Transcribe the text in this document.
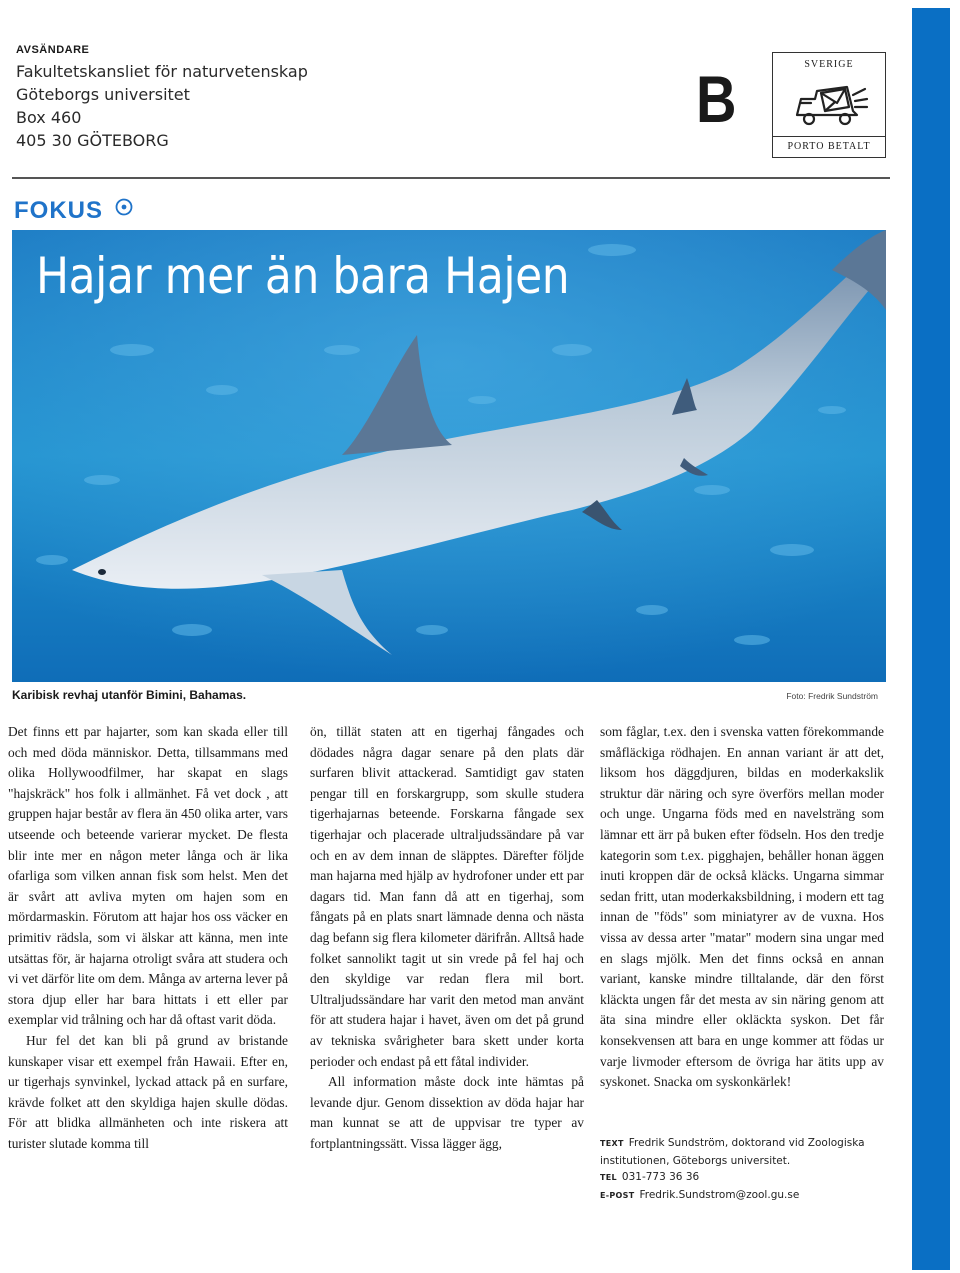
AVSÄNDARE
Fakultetskansliet för naturvetenskap
Göteborgs universitet
Box 460
405 30 GÖTEBORG
B	SVERIGE
PORTO BETALT
FOKUS
Hajar mer än bara Hajen
Karibisk revhaj utanför Bimini, Bahamas.	Foto: Fredrik Sundström

Det finns ett par hajarter, som kan skada eller till och med döda människor. Detta, tillsammans med olika Hollywoodfilmer, har skapat en slags "hajskräck" hos folk i allmänhet. Få vet dock , att gruppen hajar består av flera än 450 olika arter, vars utseende och beteende varierar mycket. De flesta blir inte mer en någon meter långa och är lika ofarliga som vilken annan fisk som helst. Men det är svårt att avliva myten om hajen som en mördarmaskin. Förutom att hajar hos oss väcker en primitiv rädsla, som vi älskar att känna, men inte utsättas för, är hajarna otroligt svåra att studera och vi vet därför lite om dem. Många av arterna lever på stora djup eller har bara hittats i ett eller par exemplar vid trålning och har då oftast varit döda.

Hur fel det kan bli på grund av bristande kunskaper visar ett exempel från Hawaii. Efter en, ur tigerhajs synvinkel, lyckad attack på en surfare, krävde folket att den skyldiga hajen skulle dödas. För att blidka allmänheten och inte riskera att turister slutade komma till

ön, tillät staten att en tigerhaj fångades och dödades några dagar senare på den plats där surfaren blivit attackerad. Samtidigt gav staten pengar till en forskargrupp, som skulle studera tigerhajarnas beteende. Forskarna fångade sex tigerhajar och placerade ultraljudssändare på var och en av dem innan de släpptes. Därefter följde man hajarna med hjälp av hydrofoner under ett par dagars tid. Man fann då att en tigerhaj, som fångats på en plats snart lämnade denna och nästa dag befann sig flera kilometer därifrån. Alltså hade folket sannolikt tagit ut sin vrede på fel haj och den skyldige var redan flera mil bort. Ultraljudssändare har varit den metod man använt för att studera hajar i havet, även om det på grund av tekniska svårigheter bara skett under korta perioder och endast på ett fåtal individer.

All information måste dock inte hämtas på levande djur. Genom dissektion av döda hajar har man kunnat se att de uppvisar tre typer av fortplantningssätt. Vissa lägger ägg,

som fåglar, t.ex. den i svenska vatten förekommande småfläckiga rödhajen. En annan variant är att det, liksom hos däggdjuren, bildas en moderkakslik struktur där näring och syre överförs mellan moder och unge. Ungarna föds med en navelsträng som lämnar ett ärr på buken efter födseln. Hos den tredje kategorin som t.ex. pigghajen, behåller honan äggen inuti kroppen där de också kläcks. Ungarna simmar sedan fritt, utan moderkaksbildning, i modern ett tag innan de "föds" som miniatyrer av de vuxna. Hos vissa av dessa arter "matar" modern sina ungar med en slags mjölk. Men det finns också en annan variant, kanske mindre tilltalande, där den först kläckta ungen får det mesta av sin näring genom att äta sina mindre eller okläckta syskon. Det får konsekvensen att bara en unge kommer att födas ur varje livmoder eftersom de övriga har ätits upp av syskonet. Snacka om syskonkärlek!

TEXT Fredrik Sundström, doktorand vid Zoologiska institutionen, Göteborgs universitet.
TEL 031-773 36 36
E-POST Fredrik.Sundstrom@zool.gu.se
